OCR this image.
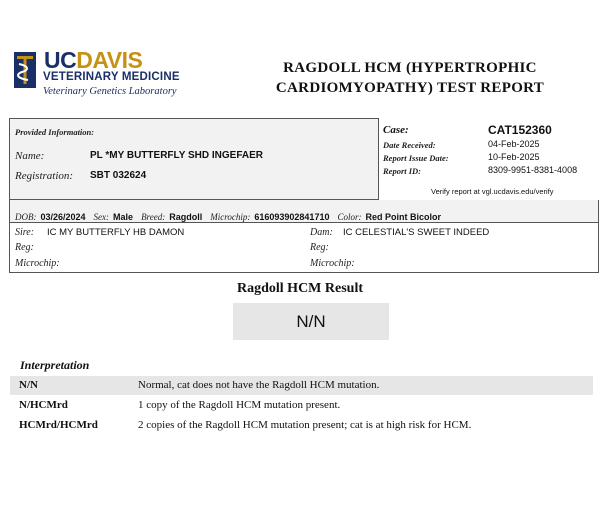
UCDAVIS
VETERINARY MEDICINE
Veterinary Genetics Laboratory
RAGDOLL HCM (HYPERTROPHIC
CARDIOMYOPATHY) TEST REPORT
Provided Information:
Name:	PL *MY BUTTERFLY SHD INGEFAER
Registration: SBT 032624
Case:	CAT152360
Date Received:	04-Feb-2025
Report Issue Date:	10-Feb-2025
Report ID:	8309-9951-8381-4008
Verify report at vgl.ucdavis.edu/verify
DOB: 03/26/2024 Sex: Male Breed: Ragdoll Microchip: 616093902841710 Color: Red Point Bicolor
Sire: IC MY BUTTERFLY HB DAMON
Reg:
Microchip:
Dam: IC CELESTIAL'S SWEET INDEED
Reg:
Microchip:
Ragdoll HCM Result
N/N
Interpretation
N/N	Normal, cat does not have the Ragdoll HCM mutation.
N/HCMrd	1 copy of the Ragdoll HCM mutation present.
HCMrd/HCMrd	2 copies of the Ragdoll HCM mutation present; cat is at high risk for HCM.
